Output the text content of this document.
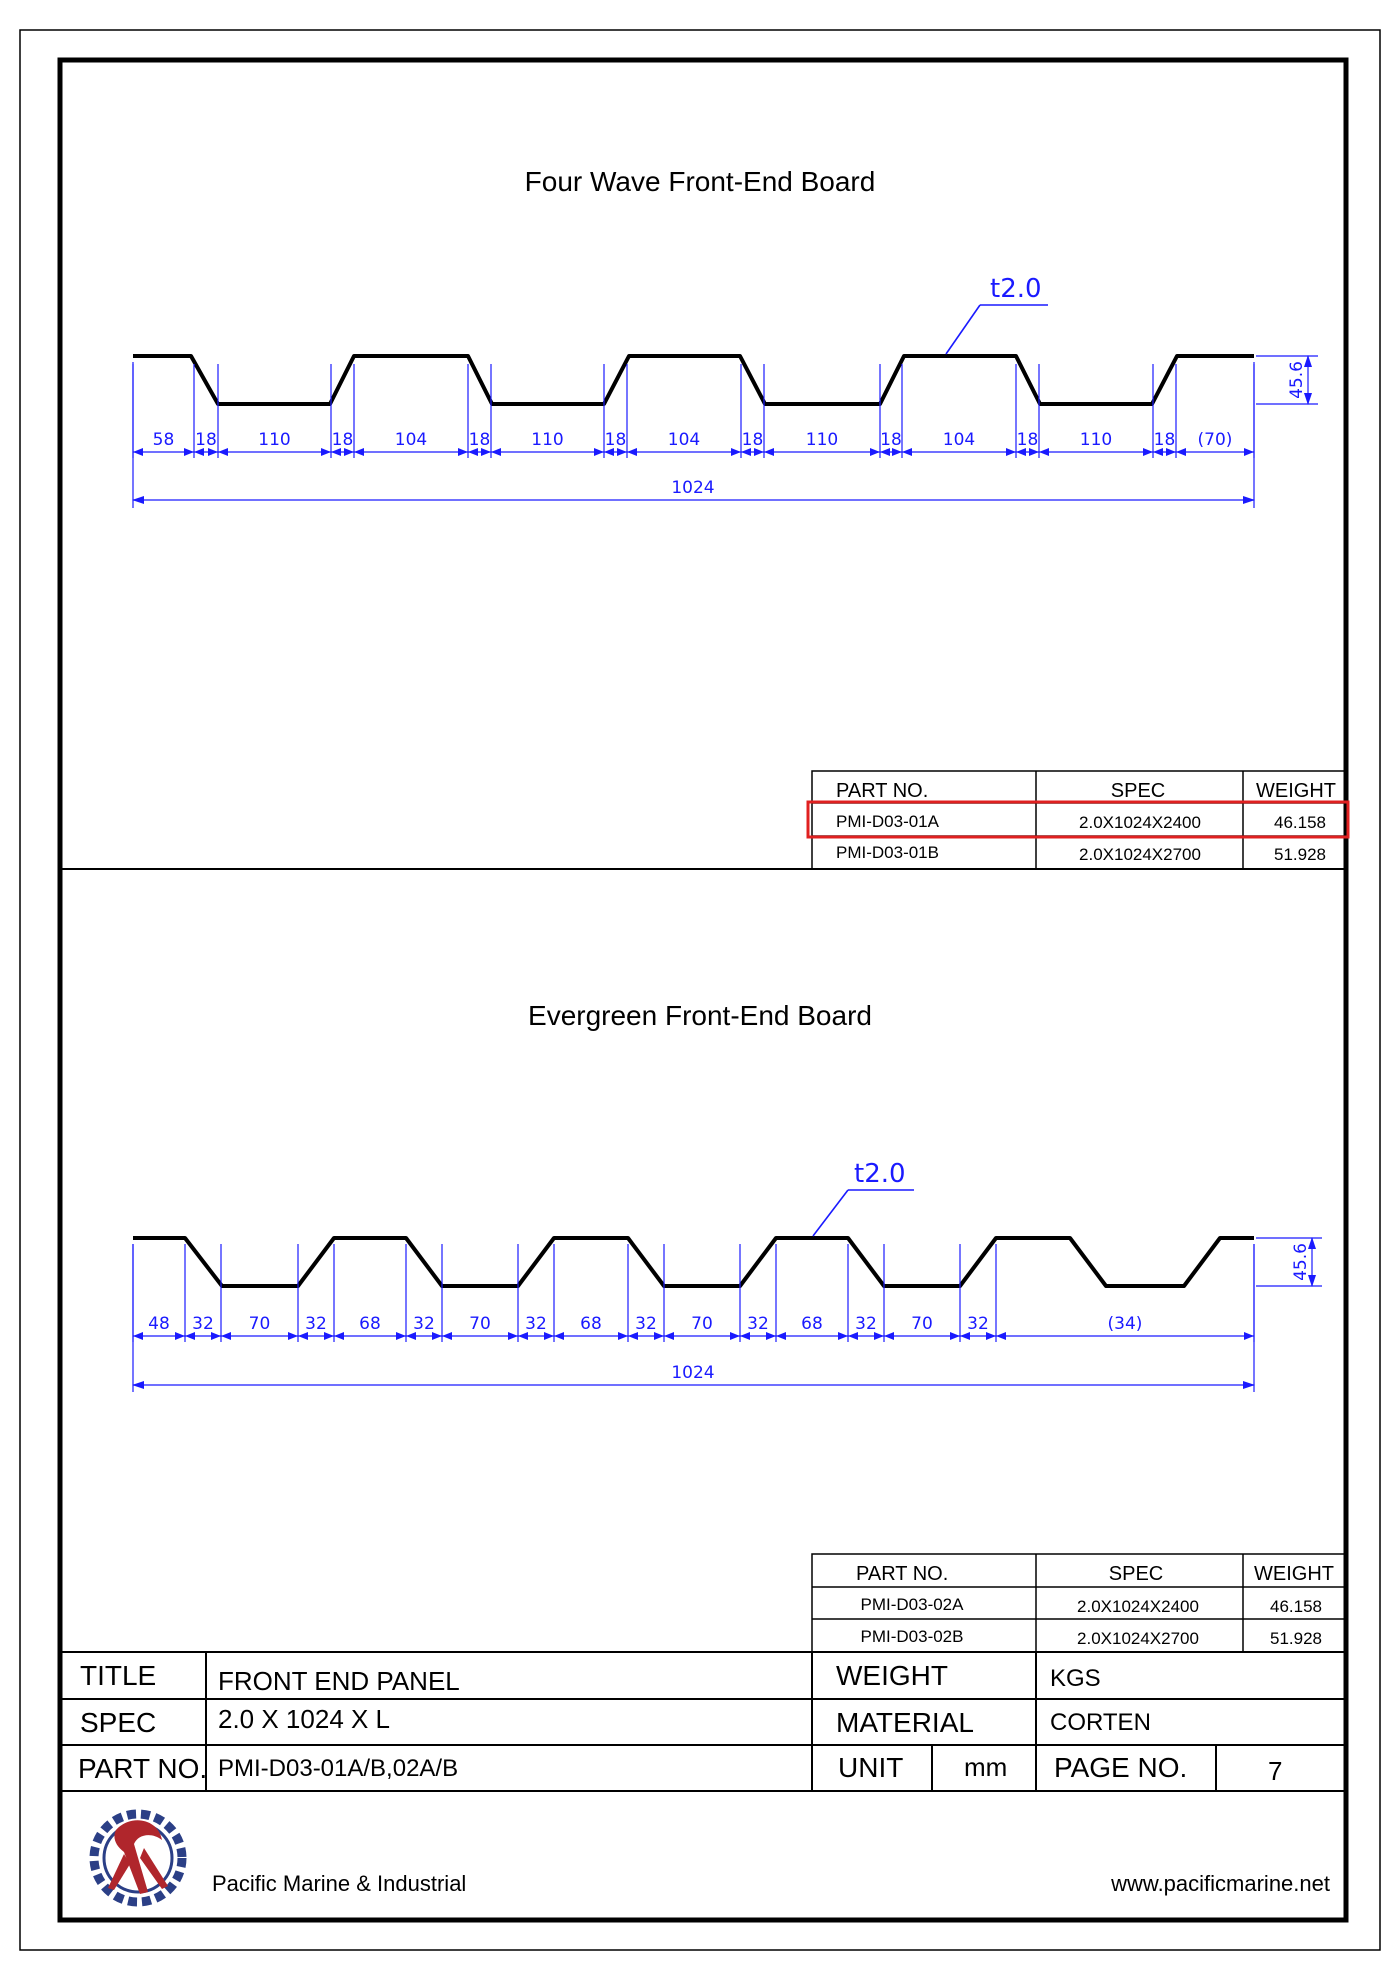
Four Wave Front-End Board
t2.0
45.6
58 18 110 18 104 18 110 18 104 18 110 18 104 18 110 18 (70)
1024
PART NO.	SPEC	WEIGHT
PMI-D03-01A	2.0X1024X2400	46.158
PMI-D03-01B	2.0X1024X2700	51.928
Evergreen Front-End Board
t2.0
45.6
48 32 70 32 68 32 70 32 68 32 70 32 68 32 70 32	(34)
1024
PART NO.	SPEC	WEIGHT
PMI-D03-02A	2.0X1024X2400	46.158
PMI-D03-02B	2.0X1024X2700	51.928
TITLE FRONT END PANEL
SPEC 2.0 X 1024 X L
PART NO. PMI-D03-01A/B,02A/B
WEIGHT	KGS
MATERIAL	CORTEN
UNIT mm PAGE NO.	7
Pacific Marine & Industrial	www.pacificmarine.net
